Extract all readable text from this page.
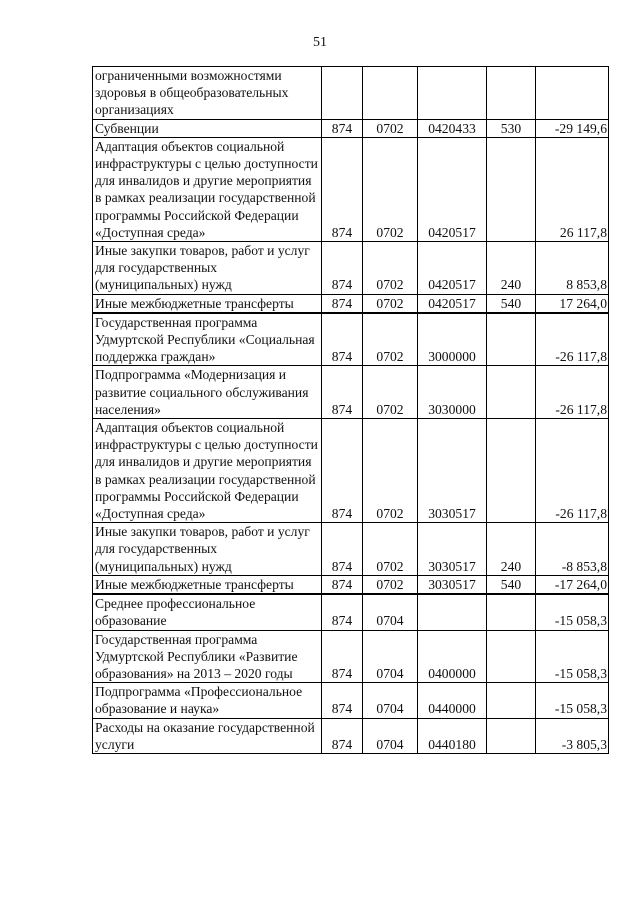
51
ограниченными возможностями здоровья в общеобразовательных организациях					
Субвенции	874	0702	0420433	530	-29 149,6
Адаптация объектов социальной инфраструктуры с целью доступности для инвалидов и другие мероприятия в рамках реализации государственной программы Российской Федерации «Доступная среда»	874	0702	0420517		26 117,8
Иные закупки товаров, работ и услуг для государственных (муниципальных) нужд	874	0702	0420517	240	8 853,8
Иные межбюджетные трансферты	874	0702	0420517	540	17 264,0
Государственная программа Удмуртской Республики «Социальная поддержка граждан»	874	0702	3000000		-26 117,8
Подпрограмма «Модернизация и развитие социального обслуживания населения»	874	0702	3030000		-26 117,8
Адаптация объектов социальной инфраструктуры с целью доступности для инвалидов и другие мероприятия в рамках реализации государственной программы Российской Федерации «Доступная среда»	874	0702	3030517		-26 117,8
Иные закупки товаров, работ и услуг для государственных (муниципальных) нужд	874	0702	3030517	240	-8 853,8
Иные межбюджетные трансферты	874	0702	3030517	540	-17 264,0
Среднее профессиональное образование	874	0704			-15 058,3
Государственная программа Удмуртской Республики «Развитие образования» на 2013 – 2020 годы	874	0704	0400000		-15 058,3
Подпрограмма «Профессиональное образование и наука»	874	0704	0440000		-15 058,3
Расходы на оказание государственной услуги	874	0704	0440180		-3 805,3
